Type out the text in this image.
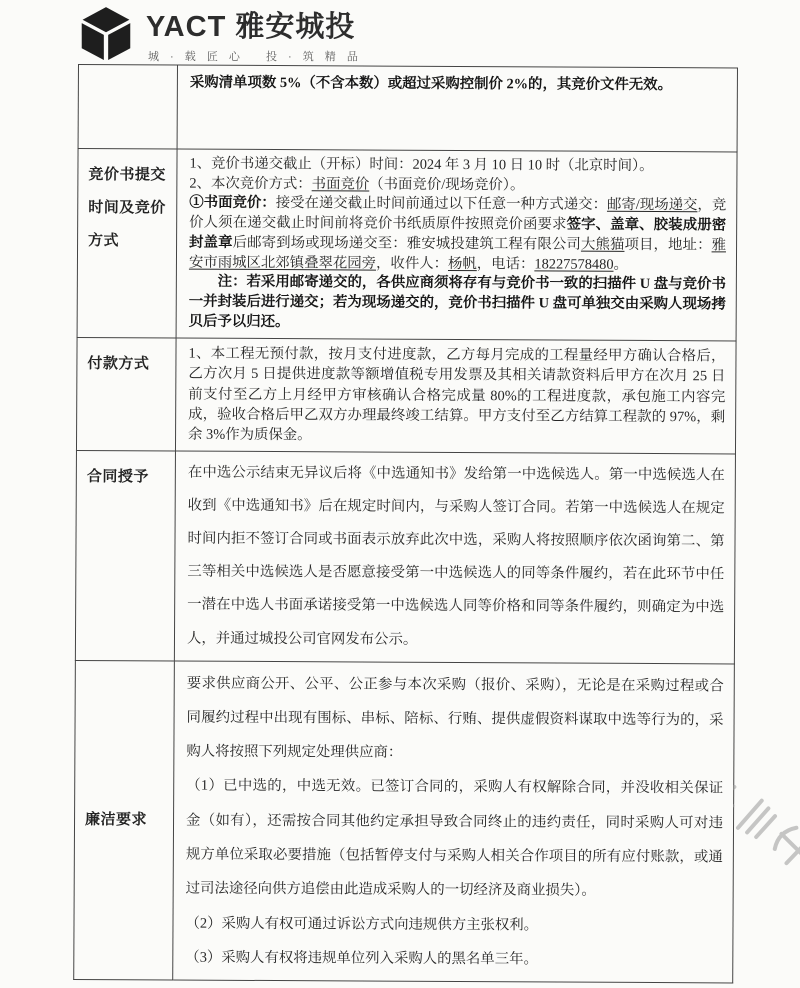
YACT 雅安城投
城 · 载 匠 心　 投 · 筑 精 品

	采购清单项数 5%（不含本数）或超过采购控制价 2%的，其竞价文件无效。

竞价书提交时间及竞价方式	1、竞价书递交截止（开标）时间：2024 年 3 月 10 日 10 时（北京时间）。
2、本次竞价方式：书面竞价（书面竞价/现场竞价）。
①书面竞价：接受在递交截止时间前通过以下任意一种方式递交：邮寄/现场递交，竞价人须在递交截止时间前将竞价书纸质原件按照竞价函要求签字、盖章、胶装成册密封盖章后邮寄到场或现场递交至：雅安城投建筑工程有限公司大熊猫项目，地址：雅安市雨城区北郊镇叠翠花园旁，收件人：杨帆，电话：18227578480。
注：若采用邮寄递交的，各供应商须将存有与竞价书一致的扫描件 U 盘与竞价书一并封装后进行递交；若为现场递交的，竞价书扫描件 U 盘可单独交由采购人现场拷贝后予以归还。

付款方式	1、本工程无预付款，按月支付进度款，乙方每月完成的工程量经甲方确认合格后，乙方次月 5 日提供进度款等额增值税专用发票及其相关请款资料后甲方在次月 25 日前支付至乙方上月经甲方审核确认合格完成量 80%的工程进度款，承包施工内容完成，验收合格后甲乙双方办理最终竣工结算。甲方支付至乙方结算工程款的 97%，剩余 3%作为质保金。

合同授予	在中选公示结束无异议后将《中选通知书》发给第一中选候选人。第一中选候选人在收到《中选通知书》后在规定时间内，与采购人签订合同。若第一中选候选人在规定时间内拒不签订合同或书面表示放弃此次中选，采购人将按照顺序依次函询第二、第三等相关中选候选人是否愿意接受第一中选候选人的同等条件履约，若在此环节中任一潜在中选人书面承诺接受第一中选候选人同等价格和同等条件履约，则确定为中选人，并通过城投公司官网发布公示。

廉洁要求	要求供应商公开、公平、公正参与本次采购（报价、采购），无论是在采购过程或合同履约过程中出现有围标、串标、陪标、行贿、提供虚假资料谋取中选等行为的，采购人将按照下列规定处理供应商：
（1）已中选的，中选无效。已签订合同的，采购人有权解除合同，并没收相关保证金（如有），还需按合同其他约定承担导致合同终止的违约责任，同时采购人可对违规方单位采取必要措施（包括暂停支付与采购人相关合作项目的所有应付账款，或通过司法途径向供方追偿由此造成采购人的一切经济及商业损失）。
（2）采购人有权可通过诉讼方式向违规供方主张权利。
（3）采购人有权将违规单位列入采购人的黑名单三年。
